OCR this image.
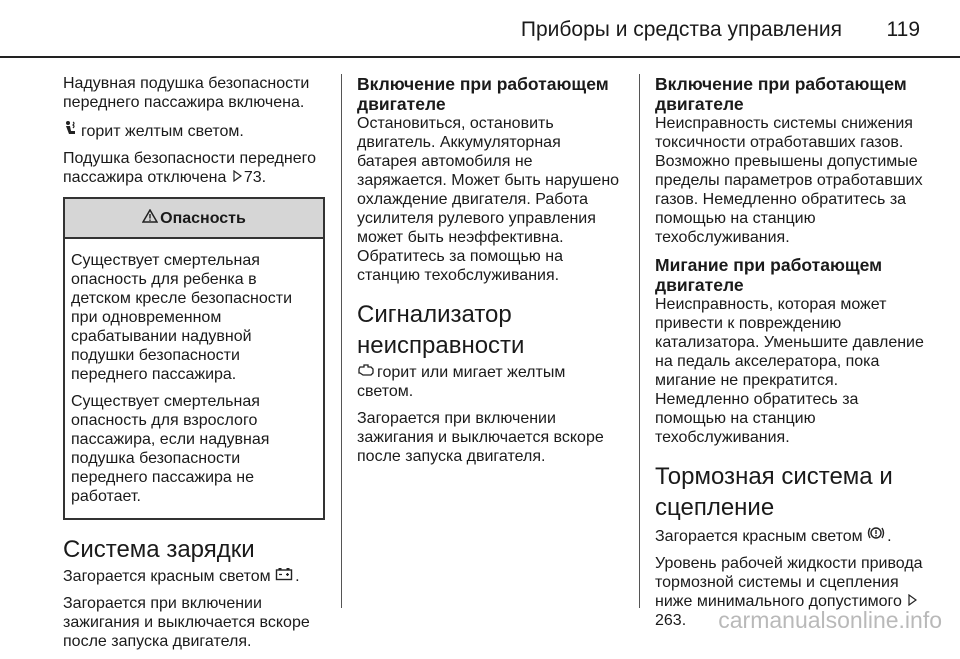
Приборы и средства управления 119

Надувная подушка безопасности переднего пассажира включена.

горит желтым светом.

Подушка безопасности переднего пассажира отключена 73.

Опасность

Существует смертельная опасность для ребенка в детском кресле безопасности при одновременном срабатывании надувной подушки безопасности переднего пассажира.

Существует смертельная опасность для взрослого пассажира, если надувная подушка безопасности переднего пассажира не работает.

Система зарядки

Загорается красным светом .

Загорается при включении зажигания и выключается вскоре после запуска двигателя.

Включение при работающем двигателе

Остановиться, остановить двигатель. Аккумуляторная батарея автомобиля не заряжается. Может быть нарушено охлаждение двигателя. Работа усилителя рулевого управления может быть неэффективна. Обратитесь за помощью на станцию техобслуживания.

Сигнализатор неисправности

горит или мигает желтым светом.

Загорается при включении зажигания и выключается вскоре после запуска двигателя.

Включение при работающем двигателе

Неисправность системы снижения токсичности отработавших газов. Возможно превышены допустимые пределы параметров отработавших газов. Немедленно обратитесь за помощью на станцию техобслуживания.

Мигание при работающем двигателе

Неисправность, которая может привести к повреждению катализатора. Уменьшите давление на педаль акселератора, пока мигание не прекратится. Немедленно обратитесь за помощью на станцию техобслуживания.

Тормозная система и сцепление

Загорается красным светом .

Уровень рабочей жидкости привода тормозной системы и сцепления ниже минимального допустимого 263.	carmanualsonline.info
